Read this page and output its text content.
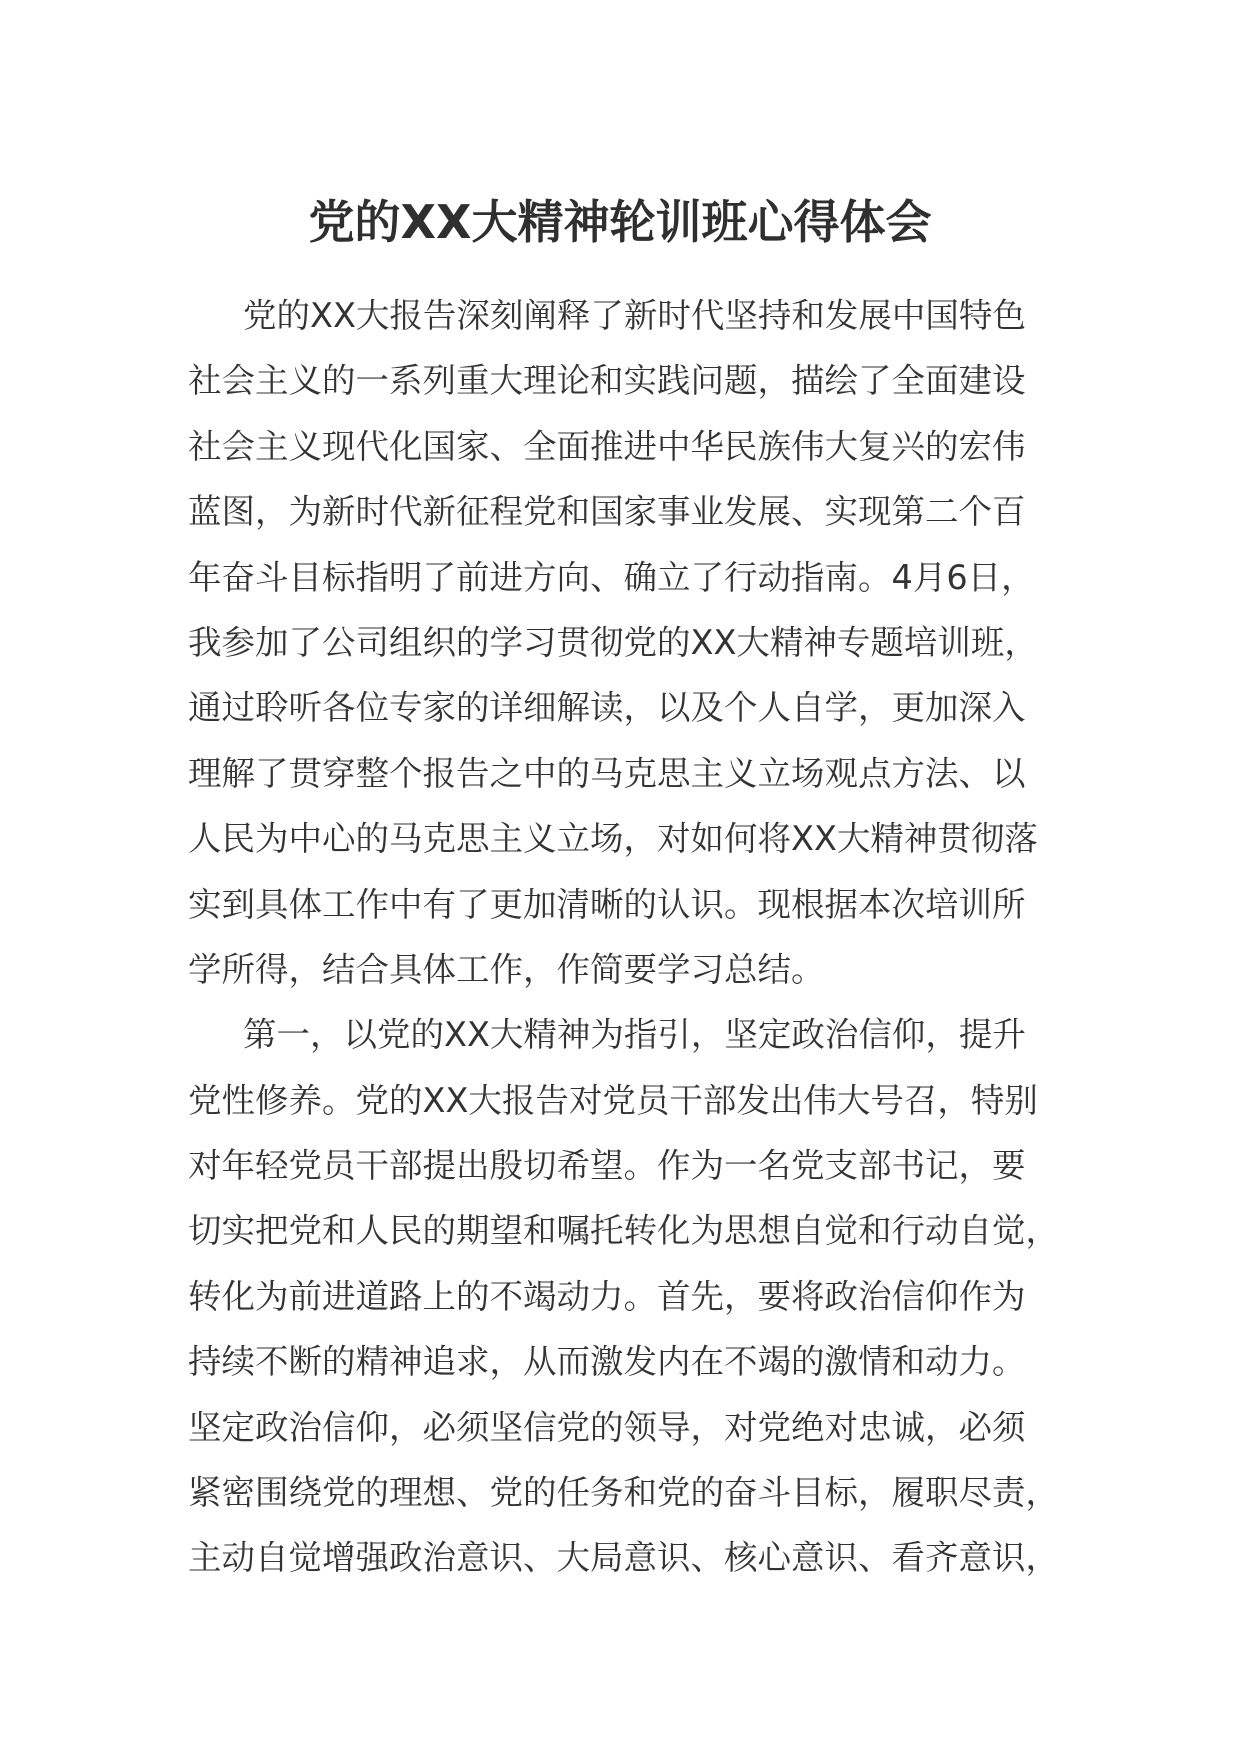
党的XX大精神轮训班心得体会
党的XX大报告深刻阐释了新时代坚持和发展中国特色
社会主义的一系列重大理论和实践问题，描绘了全面建设
社会主义现代化国家、全面推进中华民族伟大复兴的宏伟
蓝图，为新时代新征程党和国家事业发展、实现第二个百
年奋斗目标指明了前进方向、确立了行动指南。4月6日，
我参加了公司组织的学习贯彻党的XX大精神专题培训班，
通过聆听各位专家的详细解读，以及个人自学，更加深入
理解了贯穿整个报告之中的马克思主义立场观点方法、以
人民为中心的马克思主义立场，对如何将XX大精神贯彻落
实到具体工作中有了更加清晰的认识。现根据本次培训所
学所得，结合具体工作，作简要学习总结。
第一，以党的XX大精神为指引，坚定政治信仰，提升
党性修养。党的XX大报告对党员干部发出伟大号召，特别
对年轻党员干部提出殷切希望。作为一名党支部书记，要
切实把党和人民的期望和嘱托转化为思想自觉和行动自觉，
转化为前进道路上的不竭动力。首先，要将政治信仰作为
持续不断的精神追求，从而激发内在不竭的激情和动力。
坚定政治信仰，必须坚信党的领导，对党绝对忠诚，必须
紧密围绕党的理想、党的任务和党的奋斗目标，履职尽责，
主动自觉增强政治意识、大局意识、核心意识、看齐意识，
